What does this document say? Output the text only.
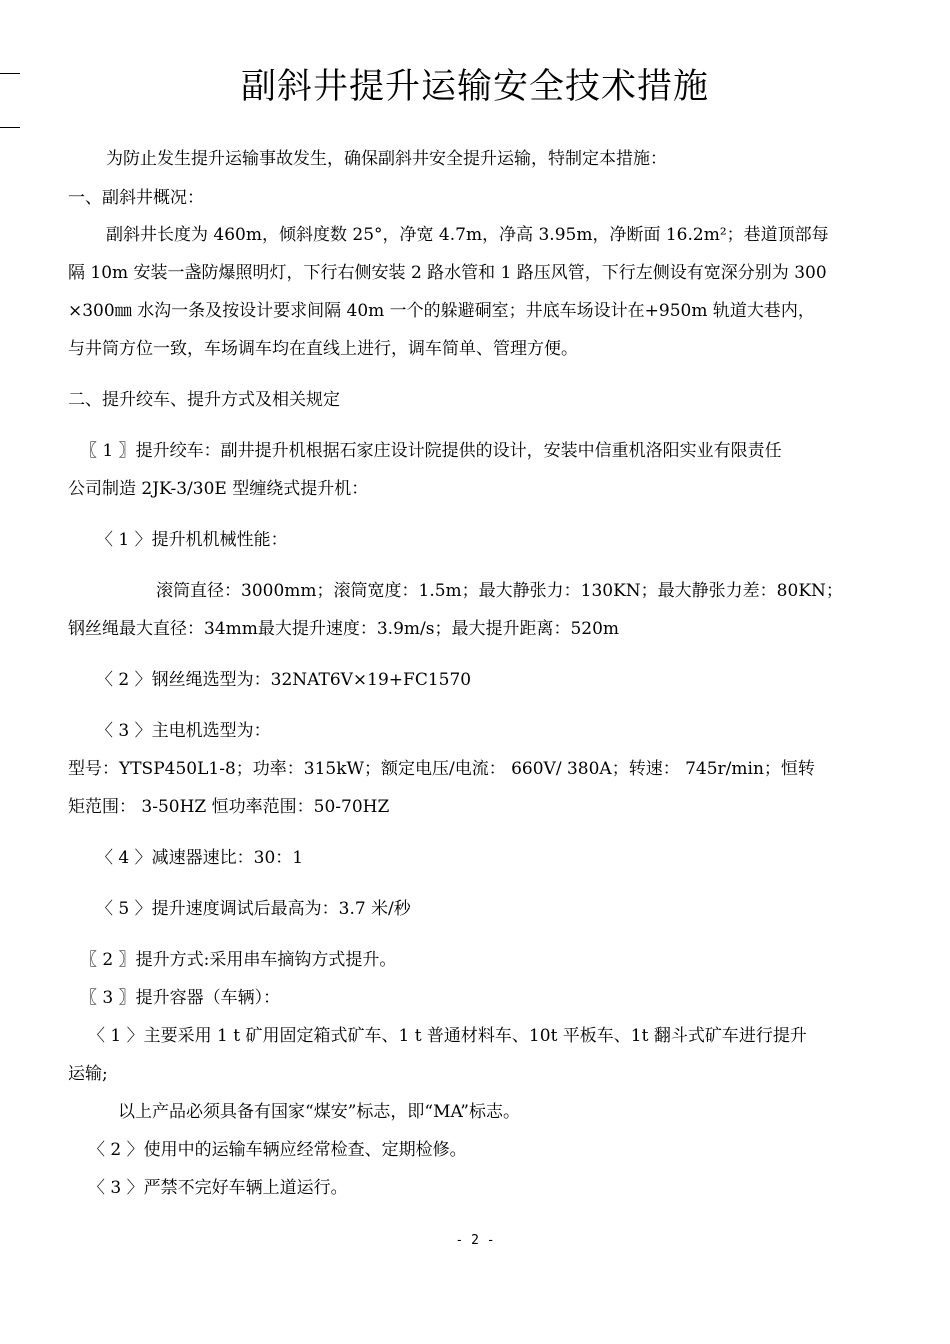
副斜井提升运输安全技术措施
为防止发生提升运输事故发生，确保副斜井安全提升运输，特制定本措施：
一、副斜井概况：
副斜井长度为 460m，倾斜度数 25°，净宽 4.7m，净高 3.95m，净断面 16.2m²；巷道顶部每
隔 10m 安装一盏防爆照明灯，下行右侧安装 2 路水管和 1 路压风管，下行左侧设有宽深分别为 300
×300㎜ 水沟一条及按设计要求间隔 40m 一个的躲避硐室；井底车场设计在+950m 轨道大巷内，
与井筒方位一致，车场调车均在直线上进行，调车简单、管理方便。
二、提升绞车、提升方式及相关规定
〖 1 〗提升绞车：副井提升机根据石家庄设计院提供的设计，安装中信重机洛阳实业有限责任
公司制造 2JK-3/30E 型缠绕式提升机：
〈 1 〉提升机机械性能：
滚筒直径：3000mm；滚筒宽度：1.5m；最大静张力：130KN；最大静张力差：80KN；
钢丝绳最大直径：34mm最大提升速度：3.9m/s；最大提升距离：520m
〈 2 〉钢丝绳选型为：32NAT6V×19+FC1570
〈 3 〉主电机选型为：
型号：YTSP450L1-8；功率：315kW；额定电压/电流： 660V/ 380A；转速： 745r/min；恒转
矩范围： 3-50HZ 恒功率范围：50-70HZ
〈 4 〉减速器速比：30：1
〈 5 〉提升速度调试后最高为：3.7 米/秒
〖 2 〗提升方式:采用串车摘钩方式提升。
〖 3 〗提升容器（车辆）：
〈 1 〉主要采用 1 t 矿用固定箱式矿车、1 t 普通材料车、10t 平板车、1t 翻斗式矿车进行提升
运输;
以上产品必须具备有国家“煤安”标志，即“MA”标志。
〈 2 〉使用中的运输车辆应经常检查、定期检修。
〈 3 〉严禁不完好车辆上道运行。
- 2 -
